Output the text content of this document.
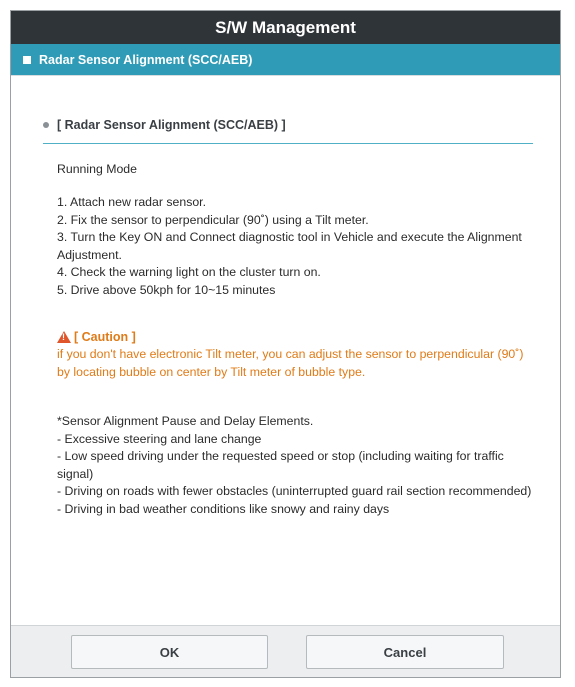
S/W Management
Radar Sensor Alignment (SCC/AEB)
[ Radar Sensor Alignment (SCC/AEB) ]
Running Mode
1. Attach new radar sensor.
2. Fix the sensor to perpendicular (90˚) using a Tilt meter.
3. Turn the Key ON and Connect diagnostic tool in Vehicle and execute the Alignment Adjustment.
4. Check the warning light on the cluster turn on.
5. Drive above 50kph for 10~15 minutes
!
[ Caution ]
if you don't have electronic Tilt meter, you can adjust the sensor to perpendicular (90˚) by locating bubble on center by Tilt meter of bubble type.
*Sensor Alignment Pause and Delay Elements.
- Excessive steering and lane change
- Low speed driving under the requested speed or stop (including waiting for traffic signal)
- Driving on roads with fewer obstacles (uninterrupted guard rail section recommended)
- Driving in bad weather conditions like snowy and rainy days
OK	Cancel
